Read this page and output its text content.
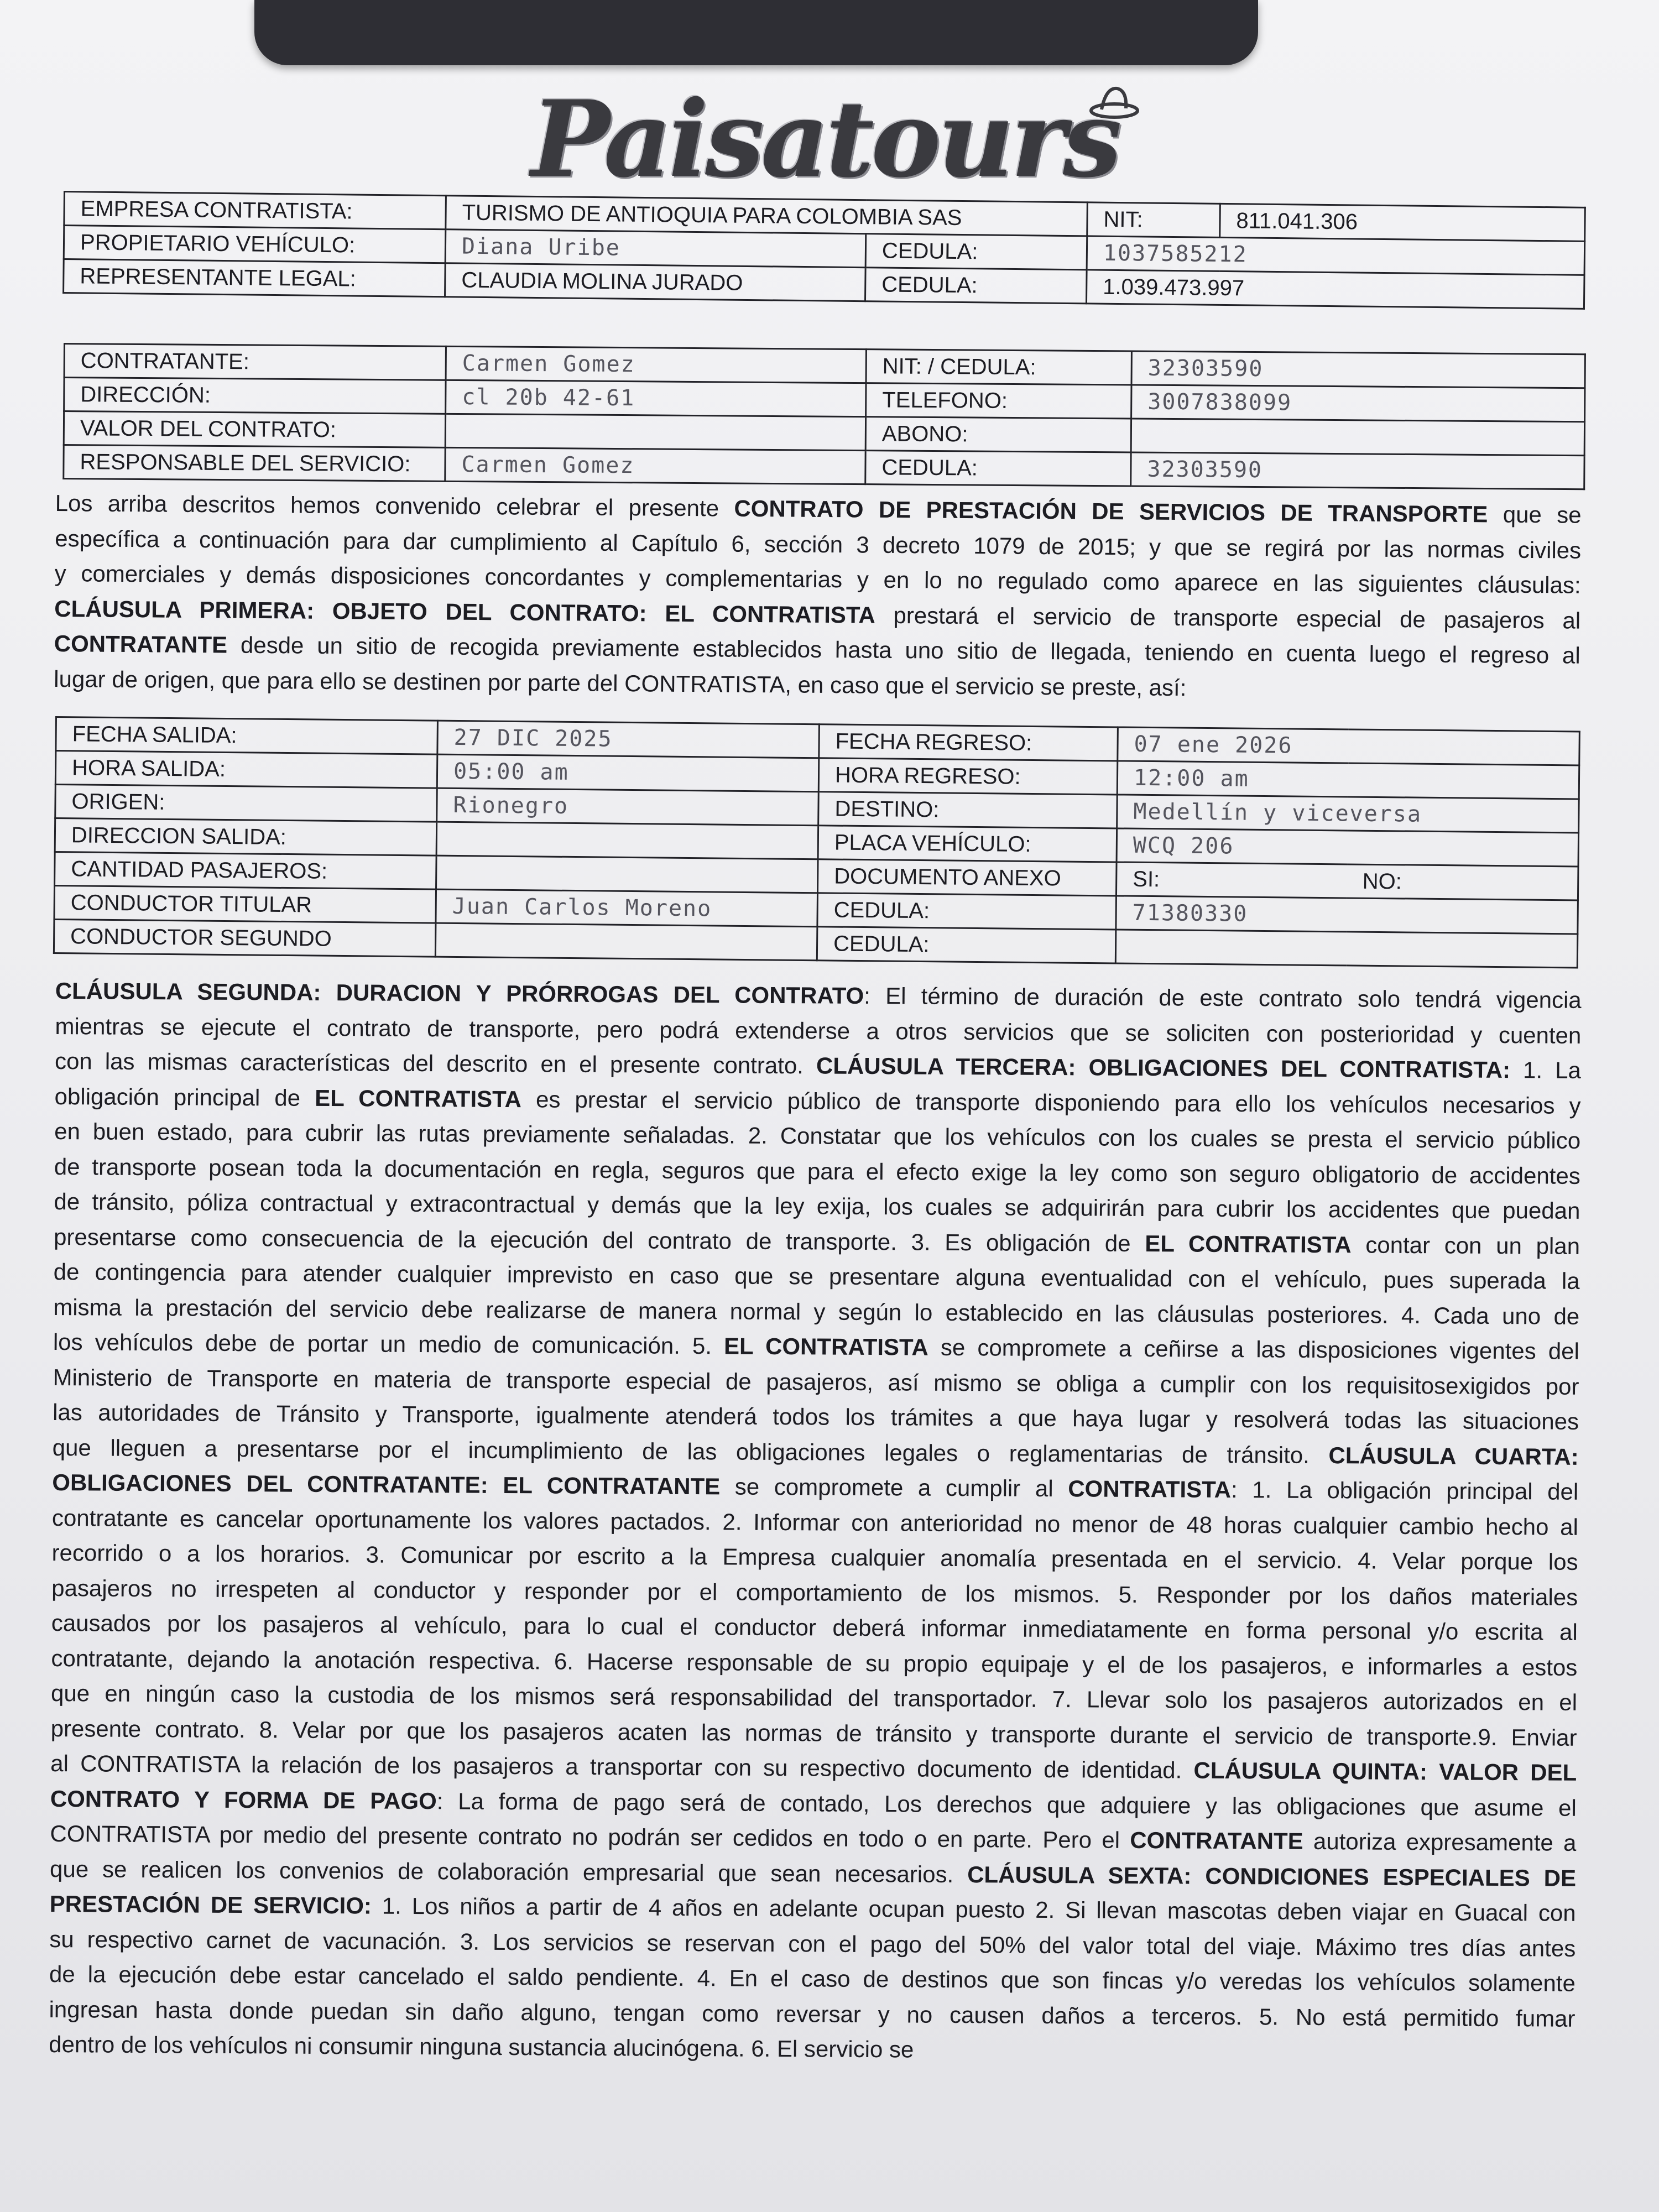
Paisatours
EMPRESA CONTRATISTA:	TURISMO DE ANTIOQUIA PARA COLOMBIA SAS		NIT:	811.041.306
PROPIETARIO VEHÍCULO:	Diana Uribe	CEDULA:	1037585212	
REPRESENTANTE LEGAL:	CLAUDIA MOLINA JURADO	CEDULA:	1.039.473.997	
CONTRATANTE:	Carmen Gomez	NIT: / CEDULA:	32303590
DIRECCIÓN:	cl 20b 42-61	TELEFONO:	3007838099
VALOR DEL CONTRATO:		ABONO:	
RESPONSABLE DEL SERVICIO:	Carmen Gomez	CEDULA:	32303590
Los arriba descritos hemos convenido celebrar el presente CONTRATO DE PRESTACIÓN DE SERVICIOS DE TRANSPORTE que se
específica a continuación para dar cumplimiento al Capítulo 6, sección 3 decreto 1079 de 2015; y que se regirá por las normas civiles
y comerciales y demás disposiciones concordantes y complementarias y en lo no regulado como aparece en las siguientes cláusulas:
CLÁUSULA PRIMERA: OBJETO DEL CONTRATO: EL CONTRATISTA prestará el servicio de transporte especial de pasajeros al
CONTRATANTE desde un sitio de recogida previamente establecidos hasta uno sitio de llegada, teniendo en cuenta luego el regreso al
lugar de origen, que para ello se destinen por parte del CONTRATISTA, en caso que el servicio se preste, así:
FECHA SALIDA:	27 DIC 2025	FECHA REGRESO:	07 ene 2026	
HORA SALIDA:	05:00 am	HORA REGRESO:	12:00 am	
ORIGEN:	Rionegro	DESTINO:	Medellín y viceversa	
DIRECCION SALIDA:		PLACA VEHÍCULO:	WCQ 206	
CANTIDAD PASAJEROS:		DOCUMENTO ANEXO	SI:	NO:
CONDUCTOR TITULAR	Juan Carlos Moreno	CEDULA:	71380330	
CONDUCTOR SEGUNDO		CEDULA:		
CLÁUSULA SEGUNDA: DURACION Y PRÓRROGAS DEL CONTRATO: El término de duración de este contrato solo tendrá vigencia
mientras se ejecute el contrato de transporte, pero podrá extenderse a otros servicios que se soliciten con posterioridad y cuenten
con las mismas características del descrito en el presente contrato. CLÁUSULA TERCERA: OBLIGACIONES DEL CONTRATISTA: 1. La
obligación principal de EL CONTRATISTA es prestar el servicio público de transporte disponiendo para ello los vehículos necesarios y
en buen estado, para cubrir las rutas previamente señaladas. 2. Constatar que los vehículos con los cuales se presta el servicio público
de transporte posean toda la documentación en regla, seguros que para el efecto exige la ley como son seguro obligatorio de accidentes
de tránsito, póliza contractual y extracontractual y demás que la ley exija, los cuales se adquirirán para cubrir los accidentes que puedan
presentarse como consecuencia de la ejecución del contrato de transporte. 3. Es obligación de EL CONTRATISTA contar con un plan
de contingencia para atender cualquier imprevisto en caso que se presentare alguna eventualidad con el vehículo, pues superada la
misma la prestación del servicio debe realizarse de manera normal y según lo establecido en las cláusulas posteriores. 4. Cada uno de
los vehículos debe de portar un medio de comunicación. 5. EL CONTRATISTA se compromete a ceñirse a las disposiciones vigentes del
Ministerio de Transporte en materia de transporte especial de pasajeros, así mismo se obliga a cumplir con los requisitosexigidos por
las autoridades de Tránsito y Transporte, igualmente atenderá todos los trámites a que haya lugar y resolverá todas las situaciones
que lleguen a presentarse por el incumplimiento de las obligaciones legales o reglamentarias de tránsito. CLÁUSULA CUARTA:
OBLIGACIONES DEL CONTRATANTE: EL CONTRATANTE se compromete a cumplir al CONTRATISTA: 1. La obligación principal del
contratante es cancelar oportunamente los valores pactados. 2. Informar con anterioridad no menor de 48 horas cualquier cambio hecho al
recorrido o a los horarios. 3. Comunicar por escrito a la Empresa cualquier anomalía presentada en el servicio. 4. Velar porque los
pasajeros no irrespeten al conductor y responder por el comportamiento de los mismos. 5. Responder por los daños materiales
causados por los pasajeros al vehículo, para lo cual el conductor deberá informar inmediatamente en forma personal y/o escrita al
contratante, dejando la anotación respectiva. 6. Hacerse responsable de su propio equipaje y el de los pasajeros, e informarles a estos
que en ningún caso la custodia de los mismos será responsabilidad del transportador. 7. Llevar solo los pasajeros autorizados en el
presente contrato. 8. Velar por que los pasajeros acaten las normas de tránsito y transporte durante el servicio de transporte.9. Enviar
al CONTRATISTA la relación de los pasajeros a transportar con su respectivo documento de identidad. CLÁUSULA QUINTA: VALOR DEL
CONTRATO Y FORMA DE PAGO: La forma de pago será de contado, Los derechos que adquiere y las obligaciones que asume el
CONTRATISTA por medio del presente contrato no podrán ser cedidos en todo o en parte. Pero el CONTRATANTE autoriza expresamente a
que se realicen los convenios de colaboración empresarial que sean necesarios. CLÁUSULA SEXTA: CONDICIONES ESPECIALES DE
PRESTACIÓN DE SERVICIO: 1. Los niños a partir de 4 años en adelante ocupan puesto 2. Si llevan mascotas deben viajar en Guacal con
su respectivo carnet de vacunación. 3. Los servicios se reservan con el pago del 50% del valor total del viaje. Máximo tres días antes
de la ejecución debe estar cancelado el saldo pendiente. 4. En el caso de destinos que son fincas y/o veredas los vehículos solamente
ingresan hasta donde puedan sin daño alguno, tengan como reversar y no causen daños a terceros. 5. No está permitido fumar
dentro de los vehículos ni consumir ninguna sustancia alucinógena. 6. El servicio se
